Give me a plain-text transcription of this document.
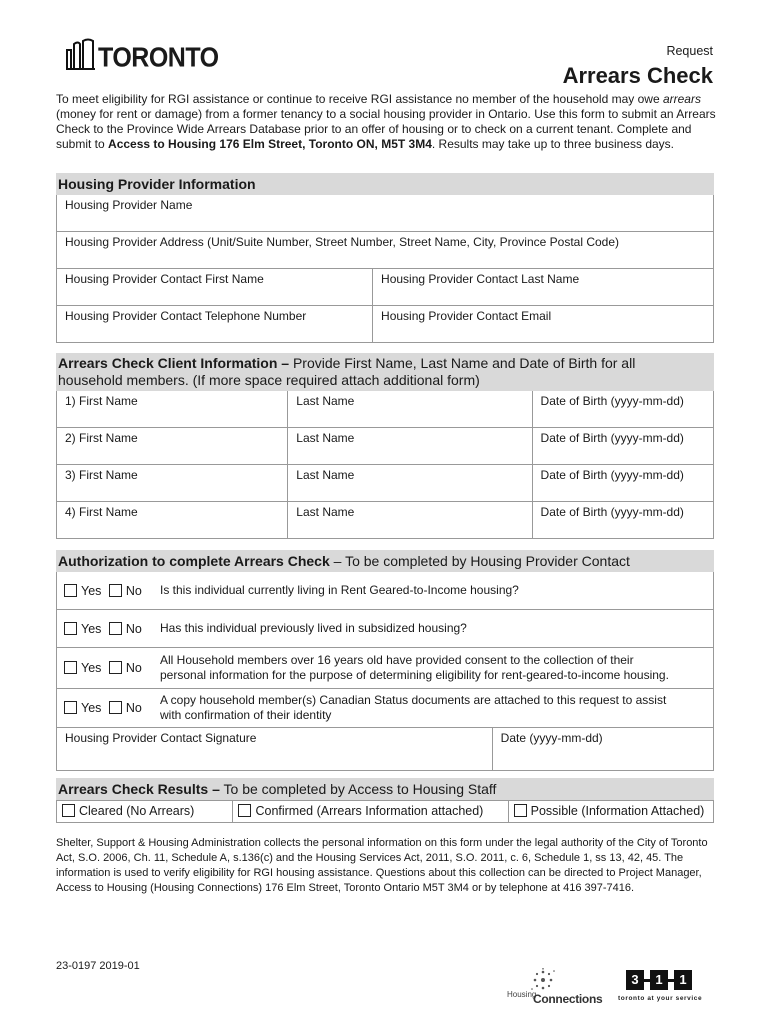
TORONTO	Request
Arrears Check
To meet eligibility for RGI assistance or continue to receive RGI assistance no member of the household may owe arrears (money for rent or damage) from a former tenancy to a social housing provider in Ontario. Use this form to submit an Arrears Check to the Province Wide Arrears Database prior to an offer of housing or to check on a current tenant. Complete and submit to Access to Housing 176 Elm Street, Toronto ON, M5T 3M4. Results may take up to three business days.
Housing Provider Information
Housing Provider Name
Housing Provider Address (Unit/Suite Number, Street Number, Street Name, City, Province Postal Code)
Housing Provider Contact First Name	Housing Provider Contact Last Name
Housing Provider Contact Telephone Number	Housing Provider Contact Email
Arrears Check Client Information – Provide First Name, Last Name and Date of Birth for all
household members. (If more space required attach additional form)
1) First Name	Last Name	Date of Birth (yyyy-mm-dd)
2) First Name	Last Name	Date of Birth (yyyy-mm-dd)
3) First Name	Last Name	Date of Birth (yyyy-mm-dd)
4) First Name	Last Name	Date of Birth (yyyy-mm-dd)
Authorization to complete Arrears Check – To be completed by Housing Provider Contact
Yes No	Is this individual currently living in Rent Geared-to-Income housing?
Yes No	Has this individual previously lived in subsidized housing?
Yes No
All Household members over 16 years old have provided consent to the collection of their
personal information for the purpose of determining eligibility for rent-geared-to-income housing.
Yes No
A copy household member(s) Canadian Status documents are attached to this request to assist
with confirmation of their identity
Housing Provider Contact Signature	Date (yyyy-mm-dd)
Arrears Check Results – To be completed by Access to Housing Staff
Cleared (No Arrears)	Confirmed (Arrears Information attached)	Possible (Information Attached)
Shelter, Support & Housing Administration collects the personal information on this form under the legal authority of the City of Toronto Act, S.O. 2006, Ch. 11, Schedule A, s.136(c) and the Housing Services Act, 2011, S.O. 2011, c. 6, Schedule 1, ss 13, 42, 45. The information is used to verify eligibility for RGI housing assistance. Questions about this collection can be directed to Project Manager, Access to Housing (Housing Connections) 176 Elm Street, Toronto Ontario M5T 3M4 or by telephone at 416 397-7416.
23-0197 2019-01
Housing
Connections
3	1	1
toronto at your service
